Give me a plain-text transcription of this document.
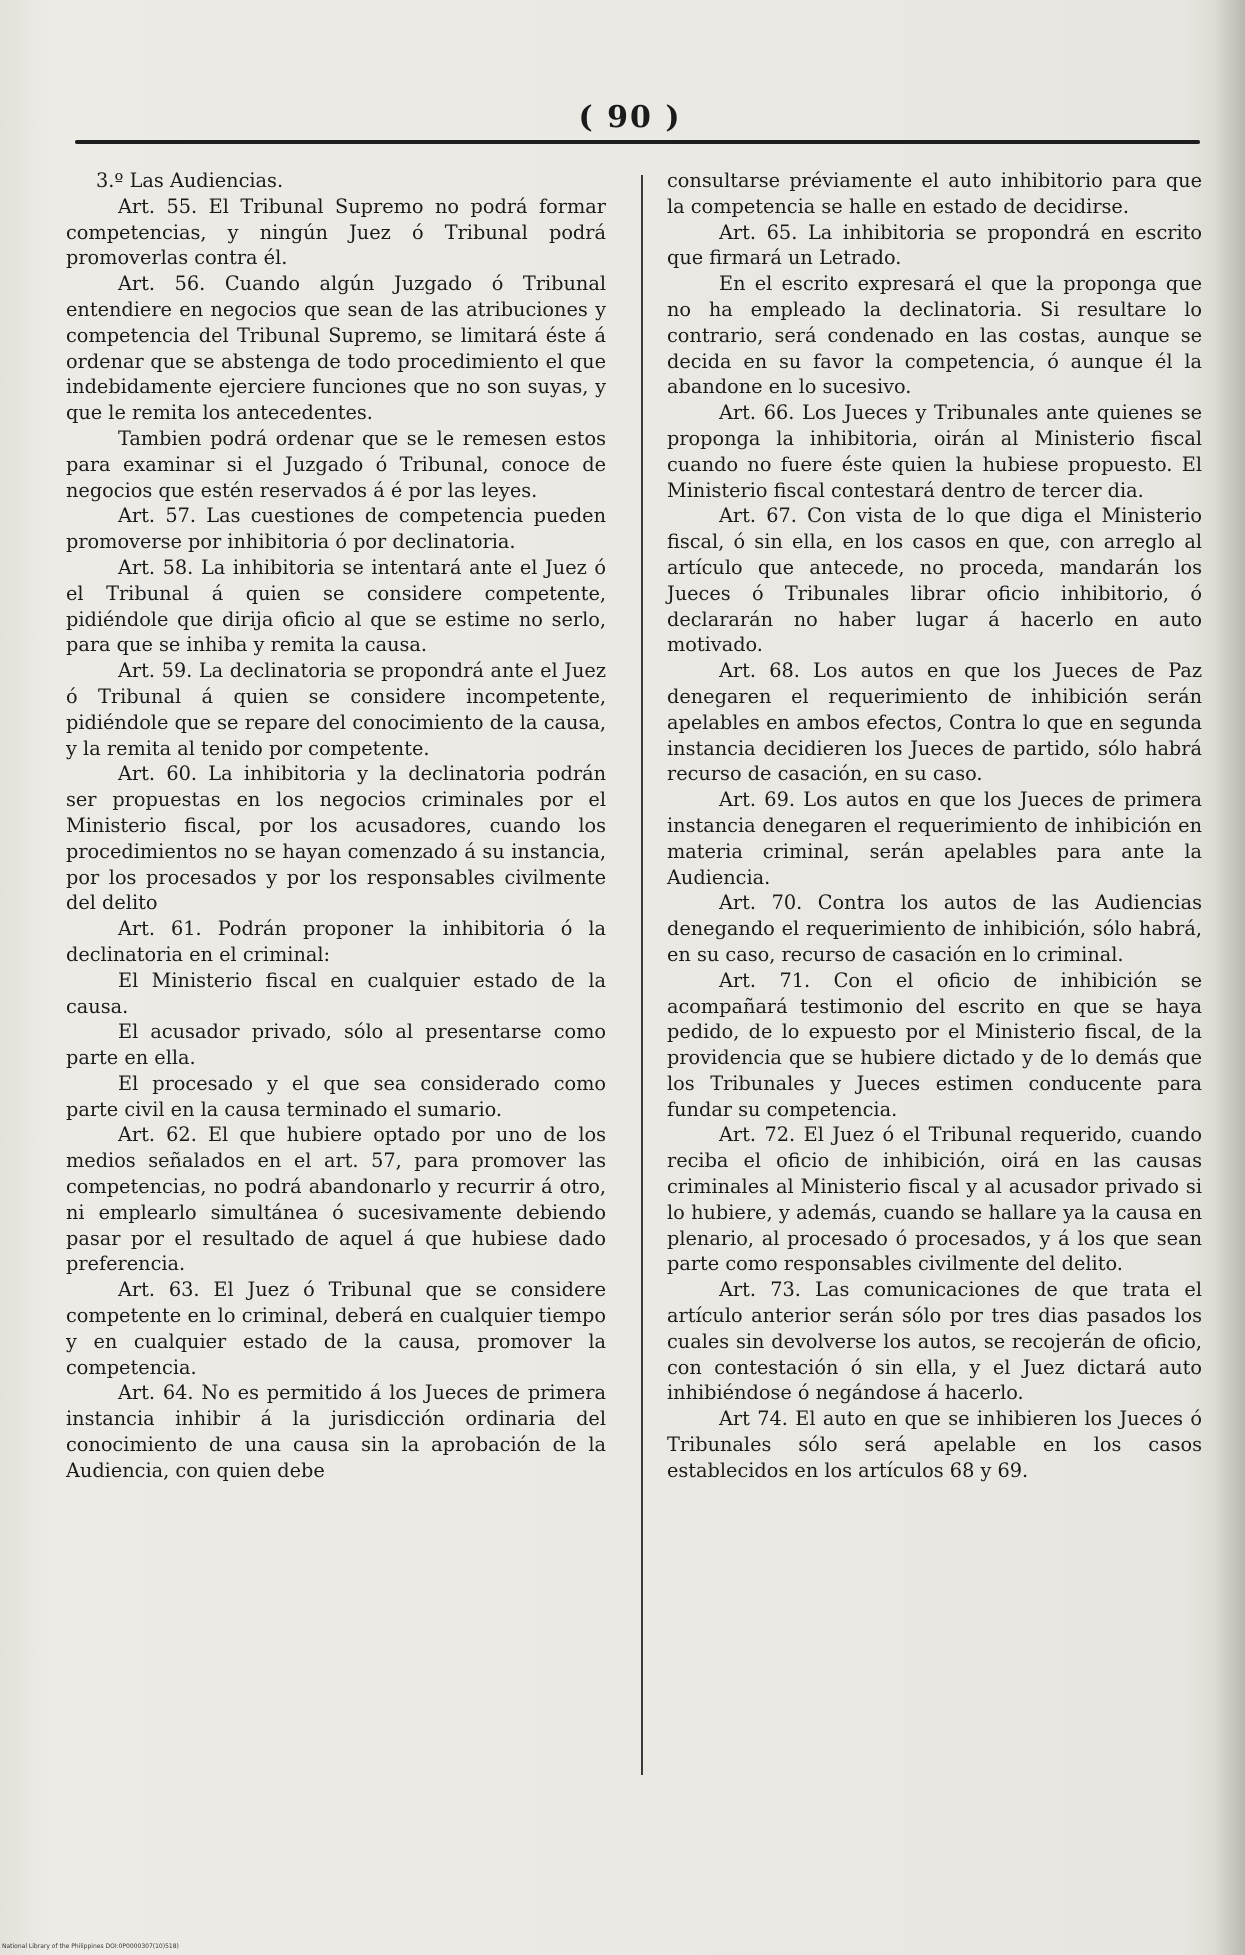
( 90 )

3.º Las Audiencias.

Art. 55. El Tribunal Supremo no podrá formar competencias, y ningún Juez ó Tribunal podrá promoverlas contra él.

Art. 56. Cuando algún Juzgado ó Tribunal entendiere en negocios que sean de las atribuciones y competencia del Tribunal Supremo, se limitará éste á ordenar que se abstenga de todo procedimiento el que indebidamente ejerciere funciones que no son suyas, y que le remita los antecedentes.

Tambien podrá ordenar que se le remesen estos para examinar si el Juzgado ó Tribunal, conoce de negocios que estén reservados á é por las leyes.

Art. 57. Las cuestiones de competencia pueden promoverse por inhibitoria ó por declinatoria.

Art. 58. La inhibitoria se intentará ante el Juez ó el Tribunal á quien se considere competente, pidiéndole que dirija oficio al que se estime no serlo, para que se inhiba y remita la causa.

Art. 59. La declinatoria se propondrá ante el Juez ó Tribunal á quien se considere incompetente, pidiéndole que se repare del conocimiento de la causa, y la remita al tenido por competente.

Art. 60. La inhibitoria y la declinatoria podrán ser propuestas en los negocios criminales por el Ministerio fiscal, por los acusadores, cuando los procedimientos no se hayan comenzado á su instancia, por los procesados y por los responsables civilmente del delito

Art. 61. Podrán proponer la inhibitoria ó la declinatoria en el criminal:

El Ministerio fiscal en cualquier estado de la causa.

El acusador privado, sólo al presentarse como parte en ella.

El procesado y el que sea considerado como parte civil en la causa terminado el sumario.

Art. 62. El que hubiere optado por uno de los medios señalados en el art. 57, para promover las competencias, no podrá abandonarlo y recurrir á otro, ni emplearlo simultánea ó sucesivamente debiendo pasar por el resultado de aquel á que hubiese dado preferencia.

Art. 63. El Juez ó Tribunal que se considere competente en lo criminal, deberá en cualquier tiempo y en cualquier estado de la causa, promover la competencia.

Art. 64. No es permitido á los Jueces de primera instancia inhibir á la jurisdicción ordinaria del conocimiento de una causa sin la aprobación de la Audiencia, con quien debe

consultarse préviamente el auto inhibitorio para que la competencia se halle en estado de decidirse.

Art. 65. La inhibitoria se propondrá en escrito que firmará un Letrado.

En el escrito expresará el que la proponga que no ha empleado la declinatoria. Si resultare lo contrario, será condenado en las costas, aunque se decida en su favor la competencia, ó aunque él la abandone en lo sucesivo.

Art. 66. Los Jueces y Tribunales ante quienes se proponga la inhibitoria, oirán al Ministerio fiscal cuando no fuere éste quien la hubiese propuesto. El Ministerio fiscal contestará dentro de tercer dia.

Art. 67. Con vista de lo que diga el Ministerio fiscal, ó sin ella, en los casos en que, con arreglo al artículo que antecede, no proceda, mandarán los Jueces ó Tribunales librar oficio inhibitorio, ó declararán no haber lugar á hacerlo en auto motivado.

Art. 68. Los autos en que los Jueces de Paz denegaren el requerimiento de inhibición serán apelables en ambos efectos, Contra lo que en segunda instancia decidieren los Jueces de partido, sólo habrá recurso de casación, en su caso.

Art. 69. Los autos en que los Jueces de primera instancia denegaren el requerimiento de inhibición en materia criminal, serán apelables para ante la Audiencia.

Art. 70. Contra los autos de las Audiencias denegando el requerimiento de inhibición, sólo habrá, en su caso, recurso de casación en lo criminal.

Art. 71. Con el oficio de inhibición se acompañará testimonio del escrito en que se haya pedido, de lo expuesto por el Ministerio fiscal, de la providencia que se hubiere dictado y de lo demás que los Tribunales y Jueces estimen conducente para fundar su competencia.

Art. 72. El Juez ó el Tribunal requerido, cuando reciba el oficio de inhibición, oirá en las causas criminales al Ministerio fiscal y al acusador privado si lo hubiere, y además, cuando se hallare ya la causa en plenario, al procesado ó procesados, y á los que sean parte como responsables civilmente del delito.

Art. 73. Las comunicaciones de que trata el artículo anterior serán sólo por tres dias pasados los cuales sin devolverse los autos, se recojerán de oficio, con contestación ó sin ella, y el Juez dictará auto inhibiéndose ó negándose á hacerlo.

Art 74. El auto en que se inhibieren los Jueces ó Tribunales sólo será apelable en los casos establecidos en los artículos 68 y 69.

National Library of the Philippines DOI:0P0000307(10)518)
